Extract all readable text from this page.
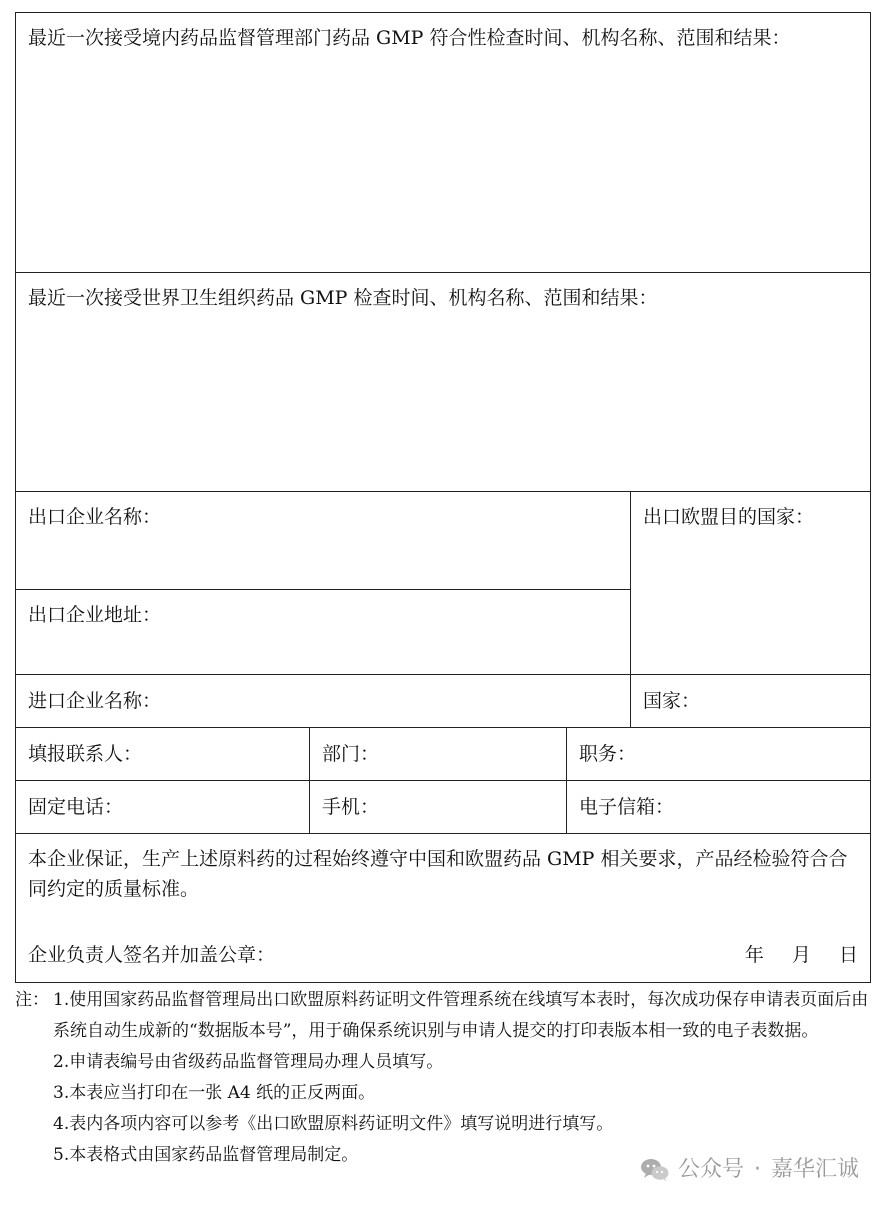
最近一次接受境内药品监督管理部门药品 GMP 符合性检查时间、机构名称、范围和结果：			
最近一次接受世界卫生组织药品 GMP 检查时间、机构名称、范围和结果：			
出口企业名称：			出口欧盟目的国家：
出口企业地址：			
进口企业名称：			国家：
填报联系人：	部门：	职务：	
固定电话：	手机：	电子信箱：	

本企业保证，生产上述原料药的过程始终遵守中国和欧盟药品 GMP 相关要求，产品经检验符合合同约定的质量标准。
企业负责人签名并加盖公章： 年 月 日			
注： 1.使用国家药品监督管理局出口欧盟原料药证明文件管理系统在线填写本表时，每次成功保存申请表页面后由系统自动生成新的“数据版本号”，用于确保系统识别与申请人提交的打印表版本相一致的电子表数据。
2.申请表编号由省级药品监督管理局办理人员填写。
3.本表应当打印在一张 A4 纸的正反两面。
4.表内各项内容可以参考《出口欧盟原料药证明文件》填写说明进行填写。
5.本表格式由国家药品监督管理局制定。
公众号 · 嘉华汇诚
